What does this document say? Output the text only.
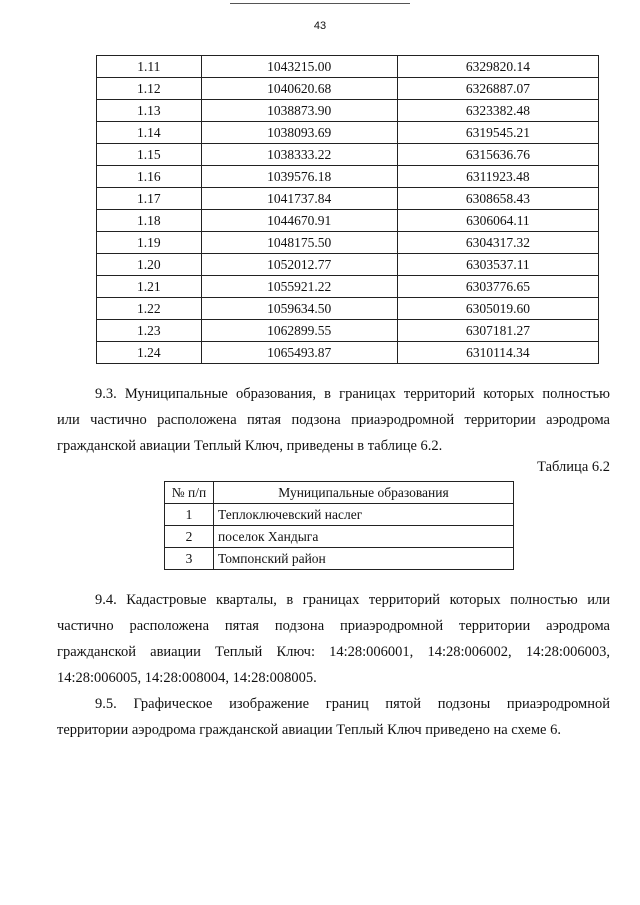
43
1.11	1043215.00	6329820.14
1.12	1040620.68	6326887.07
1.13	1038873.90	6323382.48
1.14	1038093.69	6319545.21
1.15	1038333.22	6315636.76
1.16	1039576.18	6311923.48
1.17	1041737.84	6308658.43
1.18	1044670.91	6306064.11
1.19	1048175.50	6304317.32
1.20	1052012.77	6303537.11
1.21	1055921.22	6303776.65
1.22	1059634.50	6305019.60
1.23	1062899.55	6307181.27
1.24	1065493.87	6310114.34

9.3. Муниципальные образования, в границах территорий которых полностью
или частично расположена пятая подзона приаэродромной территории аэродрома
гражданской авиации Теплый Ключ, приведены в таблице 6.2.

Таблица 6.2
№ п/п	Муниципальные образования
1	Теплоключевский наслег
2	поселок Хандыга
3	Томпонский район

9.4. Кадастровые кварталы, в границах территорий которых полностью или
частично расположена пятая подзона приаэродромной территории аэродрома
гражданской авиации Теплый Ключ: 14:28:006001, 14:28:006002, 14:28:006003,
14:28:006005, 14:28:008004, 14:28:008005.

9.5. Графическое изображение границ пятой подзоны приаэродромной
территории аэродрома гражданской авиации Теплый Ключ приведено на схеме 6.
